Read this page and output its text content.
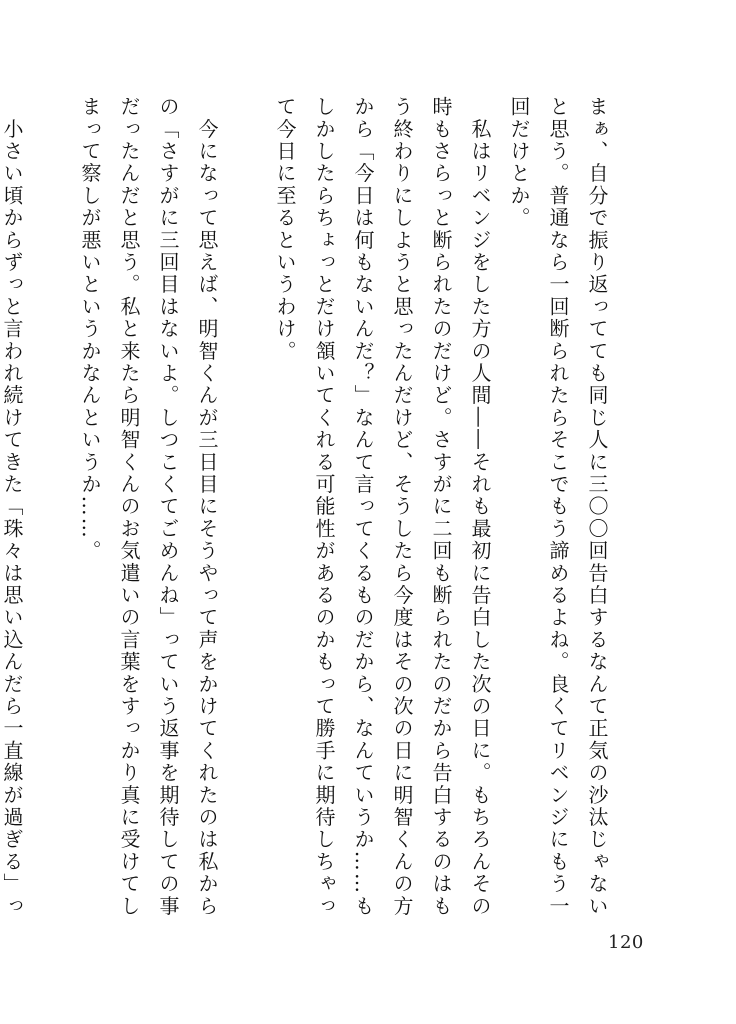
まぁ、自分で振り返ってても同じ人に三〇〇回告白するなんて正気の沙汰じゃない
と思う。普通なら一回断られたらそこでもう諦めるよね。良くてリベンジにもう一
回だけとか。
　私はリベンジをした方の人間――それも最初に告白した次の日に。もちろんその
時もさらっと断られたのだけど。さすがに二回も断られたのだから告白するのはも
う終わりにしようと思ったんだけど、そうしたら今度はその次の日に明智くんの方
から「今日は何もないんだ？」なんて言ってくるものだから、なんていうか……も
しかしたらちょっとだけ頷いてくれる可能性があるのかもって勝手に期待しちゃっ
て今日に至るというわけ。
　今になって思えば、明智くんが三日目にそうやって声をかけてくれたのは私から
の「さすがに三回目はないよ。しつこくてごめんね」っていう返事を期待しての事
だったんだと思う。私と来たら明智くんのお気遣いの言葉をすっかり真に受けてし
まって察しが悪いというかなんというか……。
　小さい頃からずっと言われ続けてきた「珠々は思い込んだら一直線が過ぎる」っ
120
